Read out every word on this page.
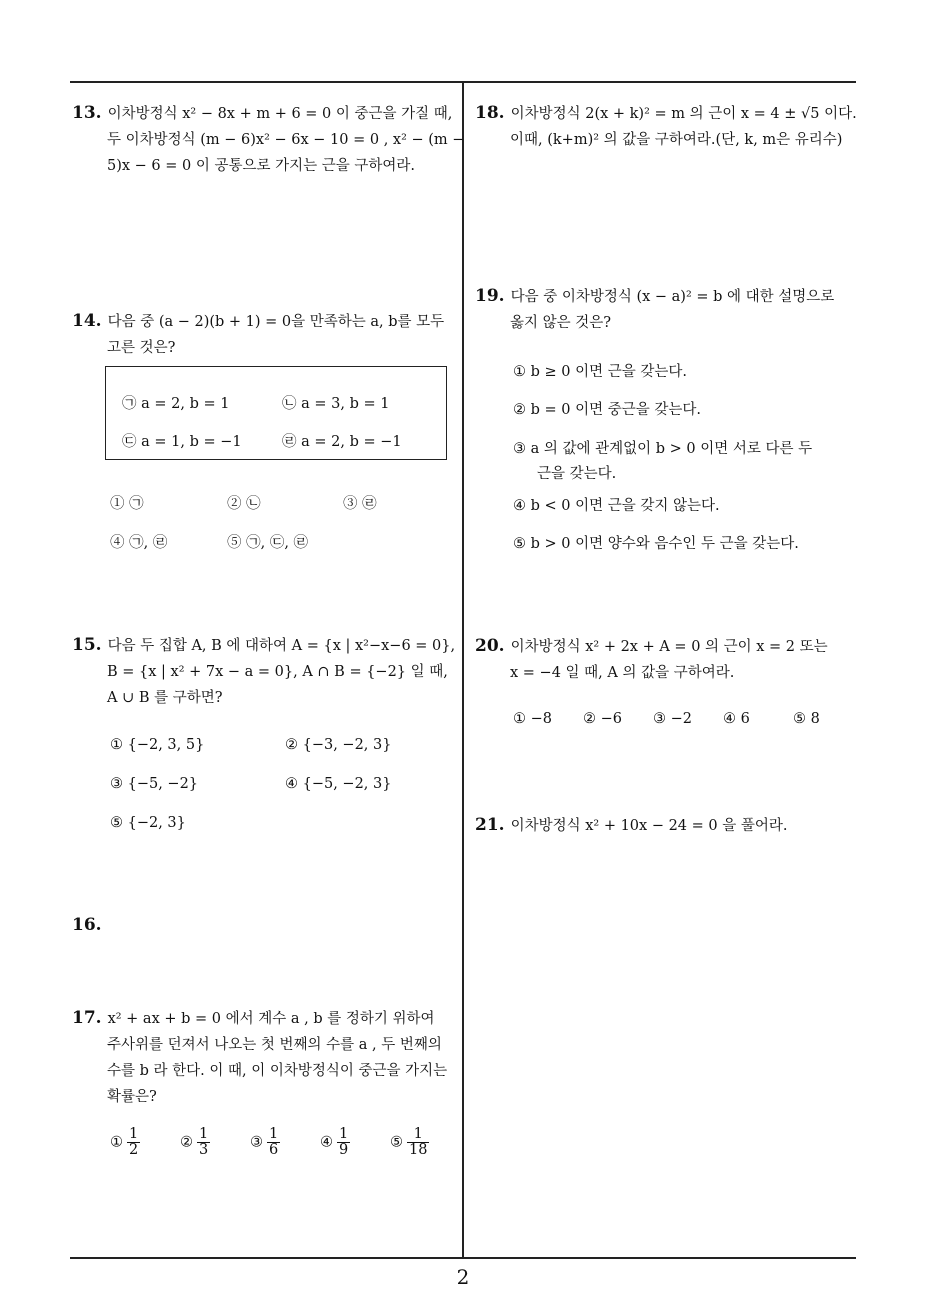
13. 이차방정식 x² − 8x + m + 6 = 0 이 중근을 가질 때,
두 이차방정식 (m − 6)x² − 6x − 10 = 0 , x² − (m −
5)x − 6 = 0 이 공통으로 가지는 근을 구하여라.
14. 다음 중 (a − 2)(b + 1) = 0을 만족하는 a, b를 모두
고른 것은?
㉠ a = 2, b = 1	㉡ a = 3, b = 1
㉢ a = 1, b = −1	㉣ a = 2, b = −1
① ㉠	② ㉡	③ ㉣
④ ㉠, ㉣	⑤ ㉠, ㉢, ㉣
15. 다음 두 집합 A, B 에 대하여 A = {x | x²−x−6 = 0},
B = {x | x² + 7x − a = 0}, A ∩ B = {−2} 일 때,
A ∪ B 를 구하면?
① {−2, 3, 5}	② {−3, −2, 3}
③ {−5, −2}	④ {−5, −2, 3}
⑤ {−2, 3}
16.
17. x² + ax + b = 0 에서 계수 a , b 를 정하기 위하여
주사위를 던져서 나오는 첫 번째의 수를 a , 두 번째의
수를 b 라 한다. 이 때, 이 이차방정식이 중근을 가지는
확률은?
① $\frac{1}{2}$	② $\frac{1}{3}$	③ $\frac{1}{6}$	④ $\frac{1}{9}$	⑤ $\frac{1}{18}$
18. 이차방정식 2(x + k)² = m 의 근이 x = 4 ± √5 이다.
이때, (k+m)² 의 값을 구하여라.(단, k, m은 유리수)
19. 다음 중 이차방정식 (x − a)² = b 에 대한 설명으로
옳지 않은 것은?
① b ≥ 0 이면 근을 갖는다.
② b = 0 이면 중근을 갖는다.
③ a 의 값에 관계없이 b > 0 이면 서로 다른 두
근을 갖는다.
④ b < 0 이면 근을 갖지 않는다.
⑤ b > 0 이면 양수와 음수인 두 근을 갖는다.
20. 이차방정식 x² + 2x + A = 0 의 근이 x = 2 또는
x = −4 일 때, A 의 값을 구하여라.
① −8 ② −6 ③ −2 ④ 6	⑤ 8
21. 이차방정식 x² + 10x − 24 = 0 을 풀어라.
2
